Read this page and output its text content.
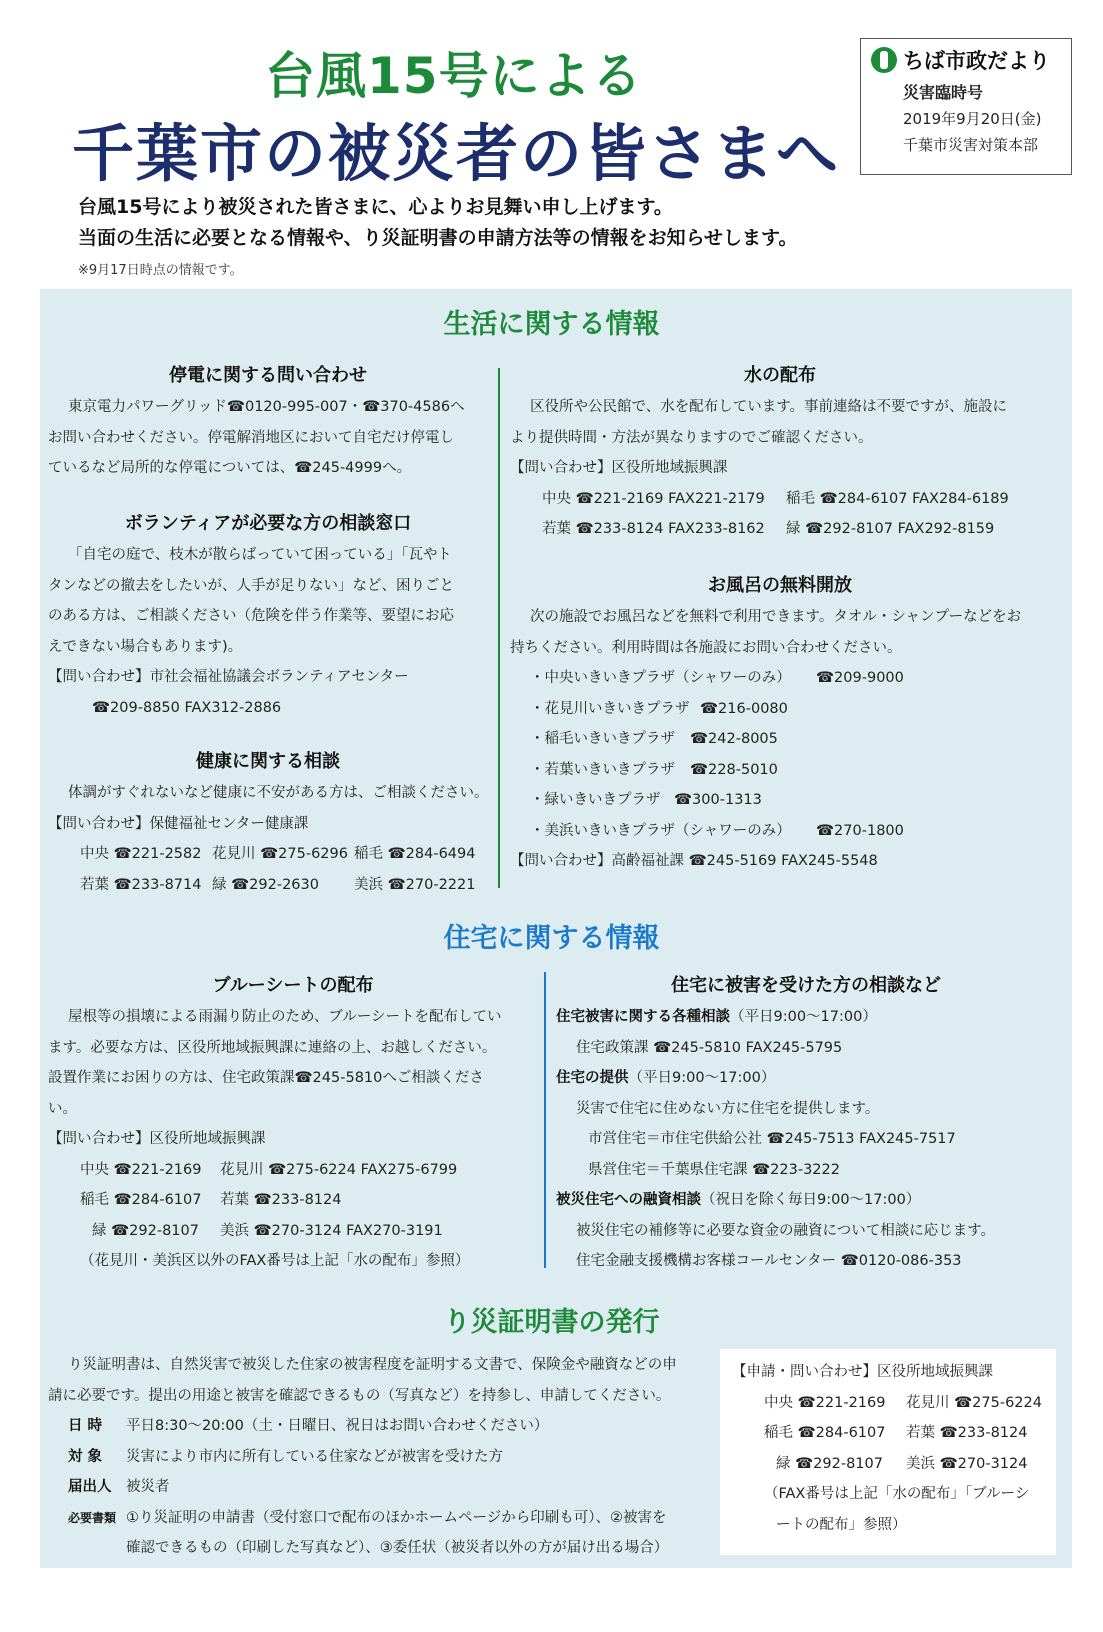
台風15号による
千葉市の被災者の皆さまへ
ちば市政だより
災害臨時号
2019年9月20日(金)
千葉市災害対策本部
台風15号により被災された皆さまに、心よりお見舞い申し上げます。
当面の生活に必要となる情報や、り災証明書の申請方法等の情報をお知らせします。
※9月17日時点の情報です。
生活に関する情報
停電に関する問い合わせ
東京電力パワーグリッド☎0120-995-007・☎370-4586へ
お問い合わせください。停電解消地区において自宅だけ停電し
ているなど局所的な停電については、☎245-4999へ。
ボランティアが必要な方の相談窓口
「自宅の庭で、枝木が散らばっていて困っている」「瓦やト
タンなどの撤去をしたいが、人手が足りない」など、困りごと
のある方は、ご相談ください（危険を伴う作業等、要望にお応
えできない場合もあります)。
【問い合わせ】市社会福祉協議会ボランティアセンター
☎209-8850 FAX312-2886
健康に関する相談
体調がすぐれないなど健康に不安がある方は、ご相談ください。
【問い合わせ】保健福祉センター健康課
中央 ☎221-2582 花見川 ☎275-6296 稲毛 ☎284-6494
若葉 ☎233-8714 緑 ☎292-2630 美浜 ☎270-2221
水の配布
区役所や公民館で、水を配布しています。事前連絡は不要ですが、施設に
より提供時間・方法が異なりますのでご確認ください。
【問い合わせ】区役所地域振興課
中央 ☎221-2169 FAX221-2179 稲毛 ☎284-6107 FAX284-6189
若葉 ☎233-8124 FAX233-8162 緑 ☎292-8107 FAX292-8159
お風呂の無料開放
次の施設でお風呂などを無料で利用できます。タオル・シャンプーなどをお
持ちください。利用時間は各施設にお問い合わせください。
・中央いきいきプラザ（シャワーのみ） ☎209-9000
・花見川いきいきプラザ ☎216-0080
・稲毛いきいきプラザ ☎242-8005
・若葉いきいきプラザ ☎228-5010
・緑いきいきプラザ ☎300-1313
・美浜いきいきプラザ（シャワーのみ） ☎270-1800
【問い合わせ】高齢福祉課 ☎245-5169 FAX245-5548
住宅に関する情報
ブルーシートの配布
屋根等の損壊による雨漏り防止のため、ブルーシートを配布してい
ます。必要な方は、区役所地域振興課に連絡の上、お越しください。
設置作業にお困りの方は、住宅政策課☎245-5810へご相談くださ
い。
【問い合わせ】区役所地域振興課
中央 ☎221-2169 花見川 ☎275-6224 FAX275-6799
稲毛 ☎284-6107 若葉 ☎233-8124
緑 ☎292-8107 美浜 ☎270-3124 FAX270-3191
（花見川・美浜区以外のFAX番号は上記「水の配布」参照）
住宅に被害を受けた方の相談など
住宅被害に関する各種相談（平日9:00～17:00）
住宅政策課 ☎245-5810 FAX245-5795
住宅の提供（平日9:00～17:00）
災害で住宅に住めない方に住宅を提供します。
市営住宅＝市住宅供給公社 ☎245-7513 FAX245-7517
県営住宅＝千葉県住宅課 ☎223-3222
被災住宅への融資相談（祝日を除く毎日9:00～17:00）
被災住宅の補修等に必要な資金の融資について相談に応じます。
住宅金融支援機構お客様コールセンター ☎0120-086-353
り災証明書の発行
り災証明書は、自然災害で被災した住家の被害程度を証明する文書で、保険金や融資などの申
請に必要です。提出の用途と被害を確認できるもの（写真など）を持参し、申請してください。
日 時 平日8:30～20:00（土・日曜日、祝日はお問い合わせください）
対 象 災害により市内に所有している住家などが被害を受けた方
届出人 被災者
必要書類 ①り災証明の申請書（受付窓口で配布のほかホームページから印刷も可）、②被害を
確認できるもの（印刷した写真など）、③委任状（被災者以外の方が届け出る場合）
【申請・問い合わせ】区役所地域振興課
中央 ☎221-2169 花見川 ☎275-6224
稲毛 ☎284-6107 若葉 ☎233-8124
緑 ☎292-8107 美浜 ☎270-3124
（FAX番号は上記「水の配布」「ブルーシ
ートの配布」参照）
